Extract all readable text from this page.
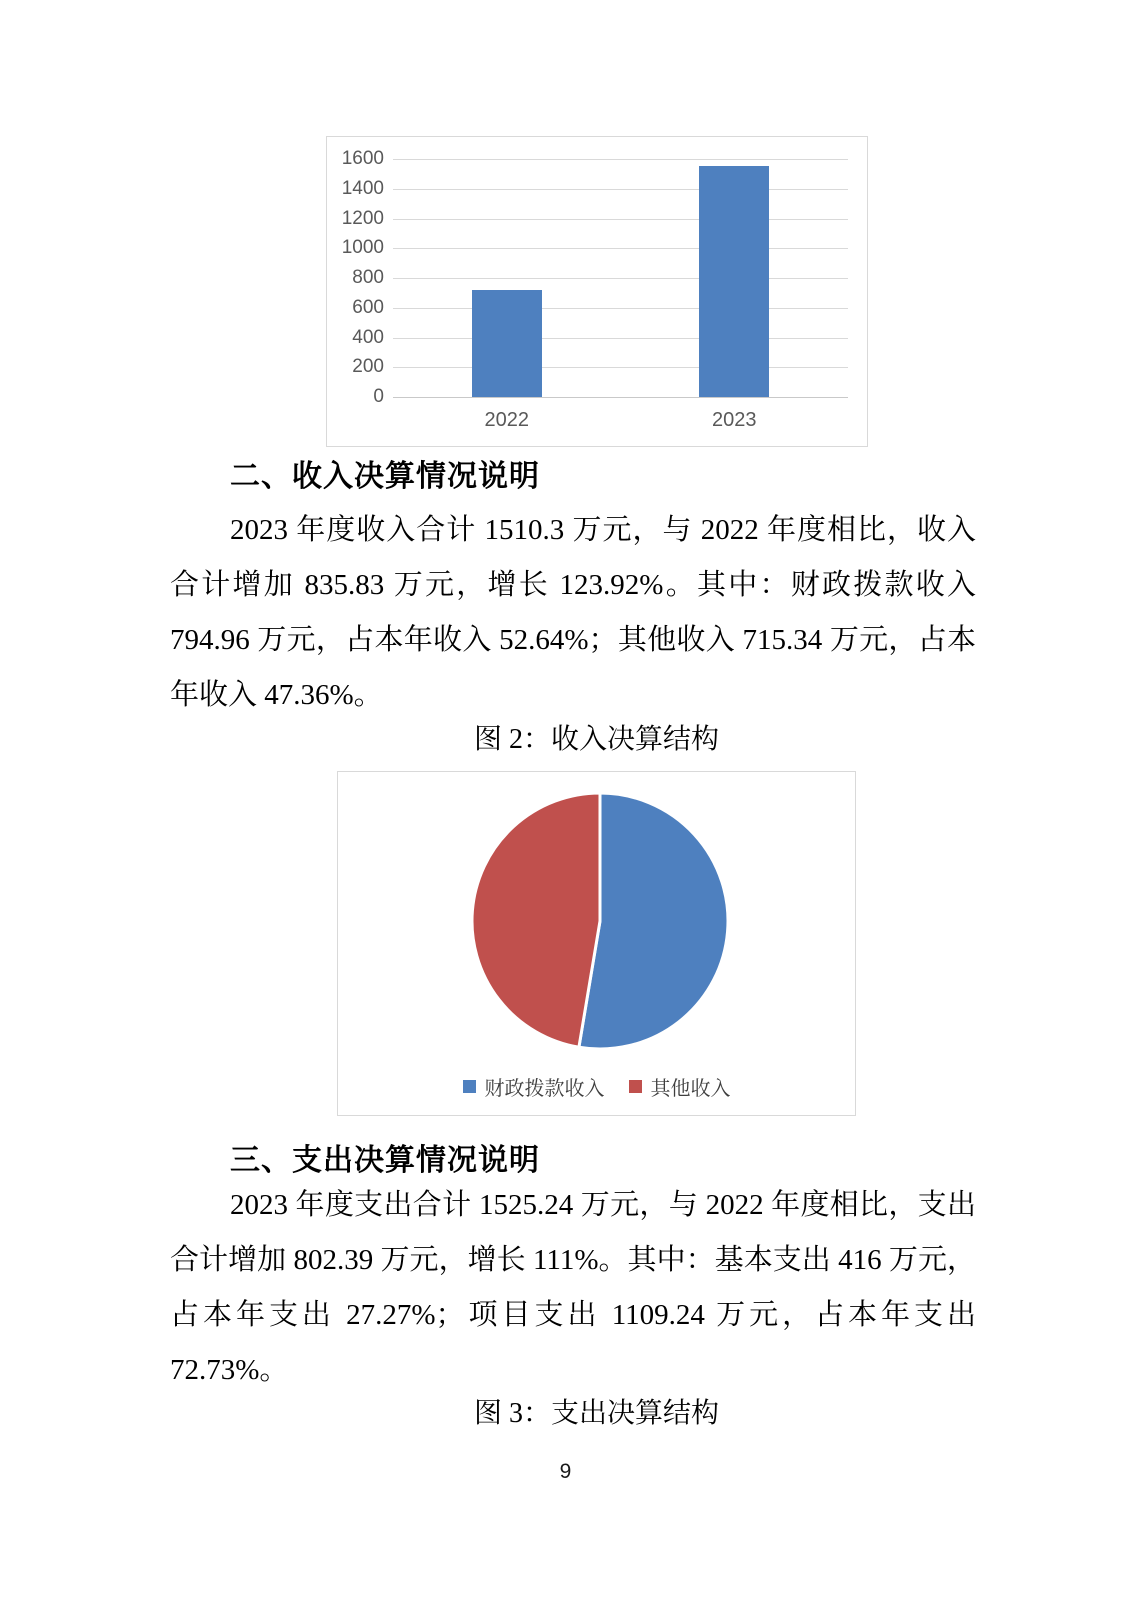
1600
1400
1200
1000
800
600
400
200
0
2022	2023
二、收入决算情况说明

2023 年度收入合计 1510.3 万元，与 2022 年度相比，收入合计增加 835.83 万元，增长 123.92%。其中：财政拨款收入 794.96 万元，占本年收入 52.64%；其他收入 715.34 万元，占本年收入 47.36%。

图 2：收入决算结构

财政拨款收入 其他收入
三、支出决算情况说明

2023 年度支出合计 1525.24 万元，与 2022 年度相比，支出合计增加 802.39 万元，增长 111%。其中：基本支出 416 万元，占本年支出 27.27%；项目支出 1109.24 万元，占本年支出 72.73%。

图 3：支出决算结构

9
